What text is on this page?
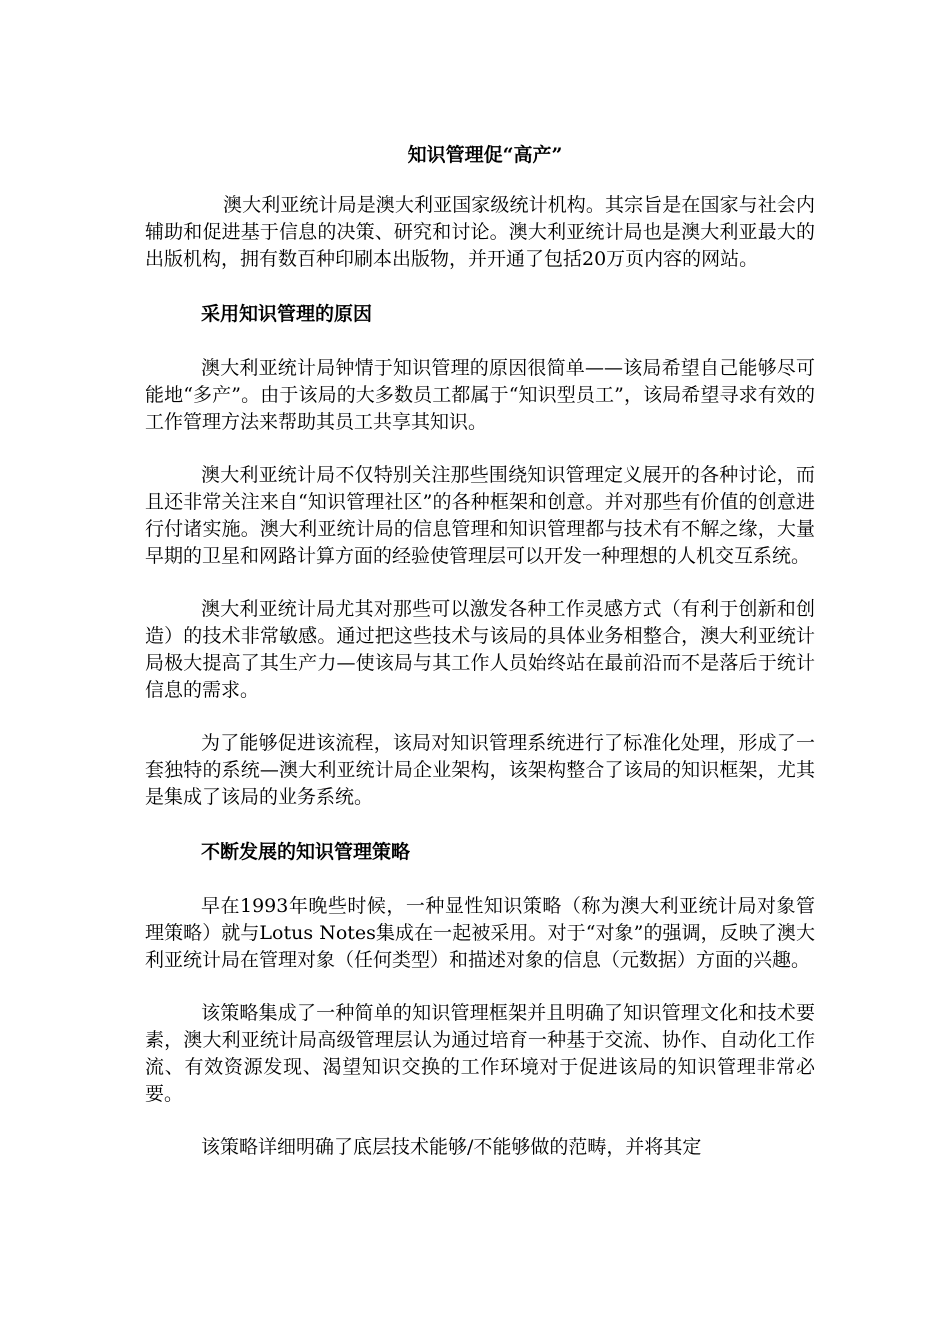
知识管理促“高产”

澳大利亚统计局是澳大利亚国家级统计机构。其宗旨是在国家与社会内辅助和促进基于信息的决策、研究和讨论。澳大利亚统计局也是澳大利亚最大的出版机构，拥有数百种印刷本出版物，并开通了包括20万页内容的网站。

采用知识管理的原因

澳大利亚统计局钟情于知识管理的原因很简单——该局希望自己能够尽可能地“多产”。由于该局的大多数员工都属于“知识型员工”，该局希望寻求有效的工作管理方法来帮助其员工共享其知识。

澳大利亚统计局不仅特别关注那些围绕知识管理定义展开的各种讨论，而且还非常关注来自“知识管理社区”的各种框架和创意。并对那些有价值的创意进行付诸实施。澳大利亚统计局的信息管理和知识管理都与技术有不解之缘，大量早期的卫星和网路计算方面的经验使管理层可以开发一种理想的人机交互系统。

澳大利亚统计局尤其对那些可以激发各种工作灵感方式（有利于创新和创造）的技术非常敏感。通过把这些技术与该局的具体业务相整合，澳大利亚统计局极大提高了其生产力—使该局与其工作人员始终站在最前沿而不是落后于统计信息的需求。

为了能够促进该流程，该局对知识管理系统进行了标准化处理，形成了一套独特的系统—澳大利亚统计局企业架构，该架构整合了该局的知识框架，尤其是集成了该局的业务系统。

不断发展的知识管理策略

早在1993年晚些时候，一种显性知识策略（称为澳大利亚统计局对象管理策略）就与Lotus Notes集成在一起被采用。对于“对象”的强调，反映了澳大利亚统计局在管理对象（任何类型）和描述对象的信息（元数据）方面的兴趣。

该策略集成了一种简单的知识管理框架并且明确了知识管理文化和技术要素，澳大利亚统计局高级管理层认为通过培育一种基于交流、协作、自动化工作流、有效资源发现、渴望知识交换的工作环境对于促进该局的知识管理非常必要。

该策略详细明确了底层技术能够/不能够做的范畴，并将其定
